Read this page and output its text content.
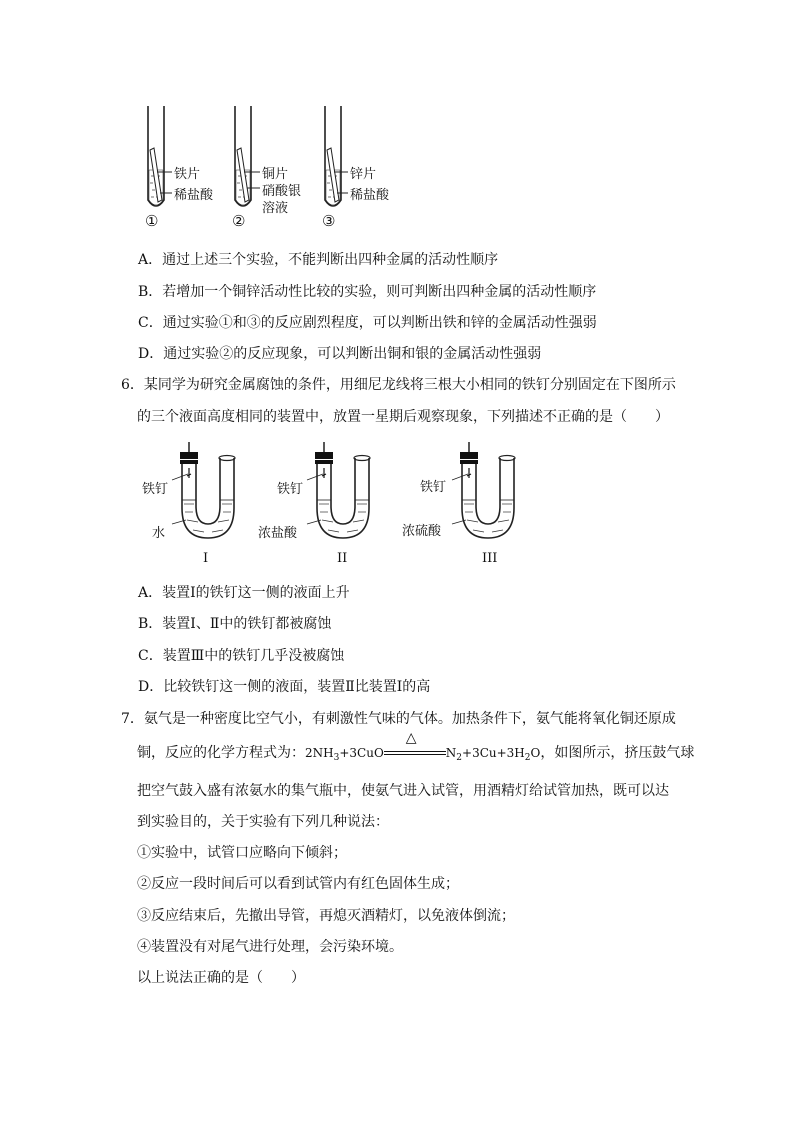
铁片
稀盐酸
铜片
硝酸银
溶液
锌片
稀盐酸
①	②	③
A．通过上述三个实验，不能判断出四种金属的活动性顺序
B．若增加一个铜锌活动性比较的实验，则可判断出四种金属的活动性顺序
C．通过实验①和③的反应剧烈程度，可以判断出铁和锌的金属活动性强弱
D．通过实验②的反应现象，可以判断出铜和银的金属活动性强弱
6．某同学为研究金属腐蚀的条件，用细尼龙线将三根大小相同的铁钉分别固定在下图所示
的三个液面高度相同的装置中，放置一星期后观察现象，下列描述不正确的是（　　）
铁钉
水
铁钉
浓盐酸
铁钉
浓硫酸
I	II	III
A．装置Ⅰ的铁钉这一侧的液面上升
B．装置Ⅰ、Ⅱ中的铁钉都被腐蚀
C．装置Ⅲ中的铁钉几乎没被腐蚀
D．比较铁钉这一侧的液面，装置Ⅱ比装置Ⅰ的高
7．氨气是一种密度比空气小，有刺激性气味的气体。加热条件下，氨气能将氧化铜还原成
铜，反应的化学方程式为：$2NH_3+3CuO$
△
$N_2+3Cu+3H_2O$，如图所示，挤压鼓气球
把空气鼓入盛有浓氨水的集气瓶中，使氨气进入试管，用酒精灯给试管加热，既可以达
到实验目的，关于实验有下列几种说法：
①实验中，试管口应略向下倾斜；
②反应一段时间后可以看到试管内有红色固体生成；
③反应结束后，先撤出导管，再熄灭酒精灯，以免液体倒流；
④装置没有对尾气进行处理，会污染环境。
以上说法正确的是（　　）
